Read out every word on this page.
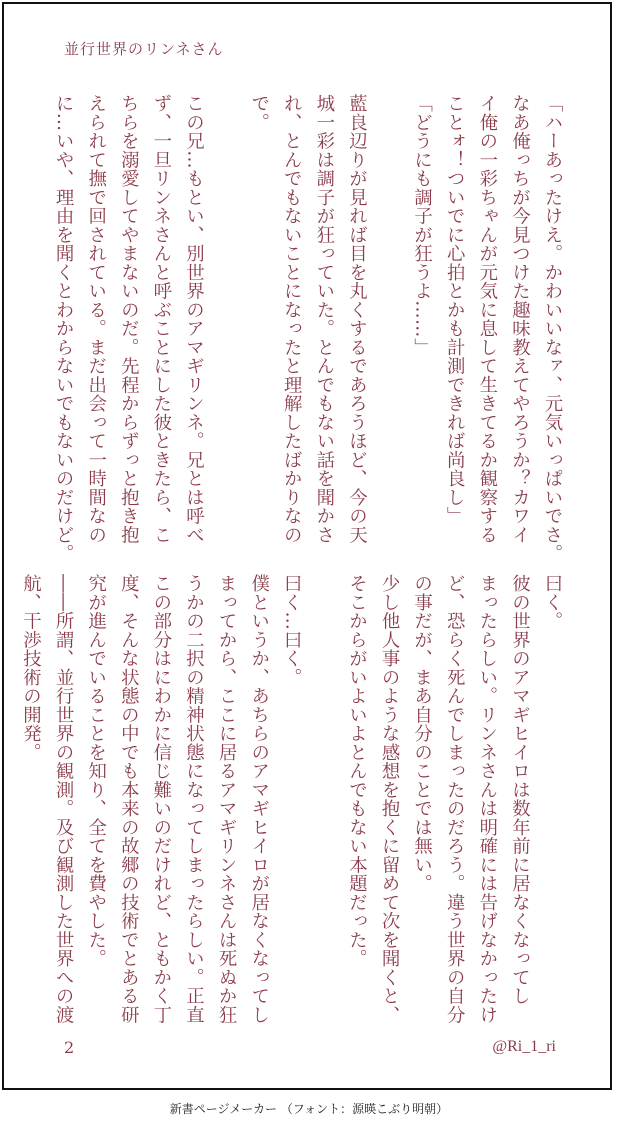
並行世界のリンネさん

「ハーあったけえ。かわいいなァ、元気いっぱいでさ。

なあ俺っちが今見つけた趣味教えてやろうか？カワイ

イ俺の一彩ちゃんが元気に息して生きてるか観察する

ことォ！ついでに心拍とかも計測できれば尚良し」

「どうにも調子が狂うよ……」

藍良辺りが見れば目を丸くするであろうほど、今の天

城一彩は調子が狂っていた。とんでもない話を聞かさ

れ、とんでもないことになったと理解したばかりなの

で。

この兄…もとい、別世界のアマギリンネ。兄とは呼べ

ず、一旦リンネさんと呼ぶことにした彼ときたら、こ

ちらを溺愛してやまないのだ。先程からずっと抱き抱

えられて撫で回されている。まだ出会って一時間なの

に…いや、理由を聞くとわからないでもないのだけど。

曰く。

彼の世界のアマギヒイロは数年前に居なくなってし

まったらしい。リンネさんは明確には告げなかったけ

ど、恐らく死んでしまったのだろう。違う世界の自分

の事だが、まあ自分のことでは無い。

少し他人事のような感想を抱くに留めて次を聞くと、

そこからがいよいよとんでもない本題だった。

曰く…曰く。

僕というか、あちらのアマギヒイロが居なくなってし

まってから、ここに居るアマギリンネさんは死ぬか狂

うかの二択の精神状態になってしまったらしい。正直

この部分はにわかに信じ難いのだけれど、ともかく丁

度、そんな状態の中でも本来の故郷の技術でとある研

究が進んでいることを知り、全てを費やした。

――所謂、並行世界の観測。及び観測した世界への渡

航、干渉技術の開発。

2	@Ri_1_ri
新書ページメーカー （フォント：源暎こぶり明朝）
